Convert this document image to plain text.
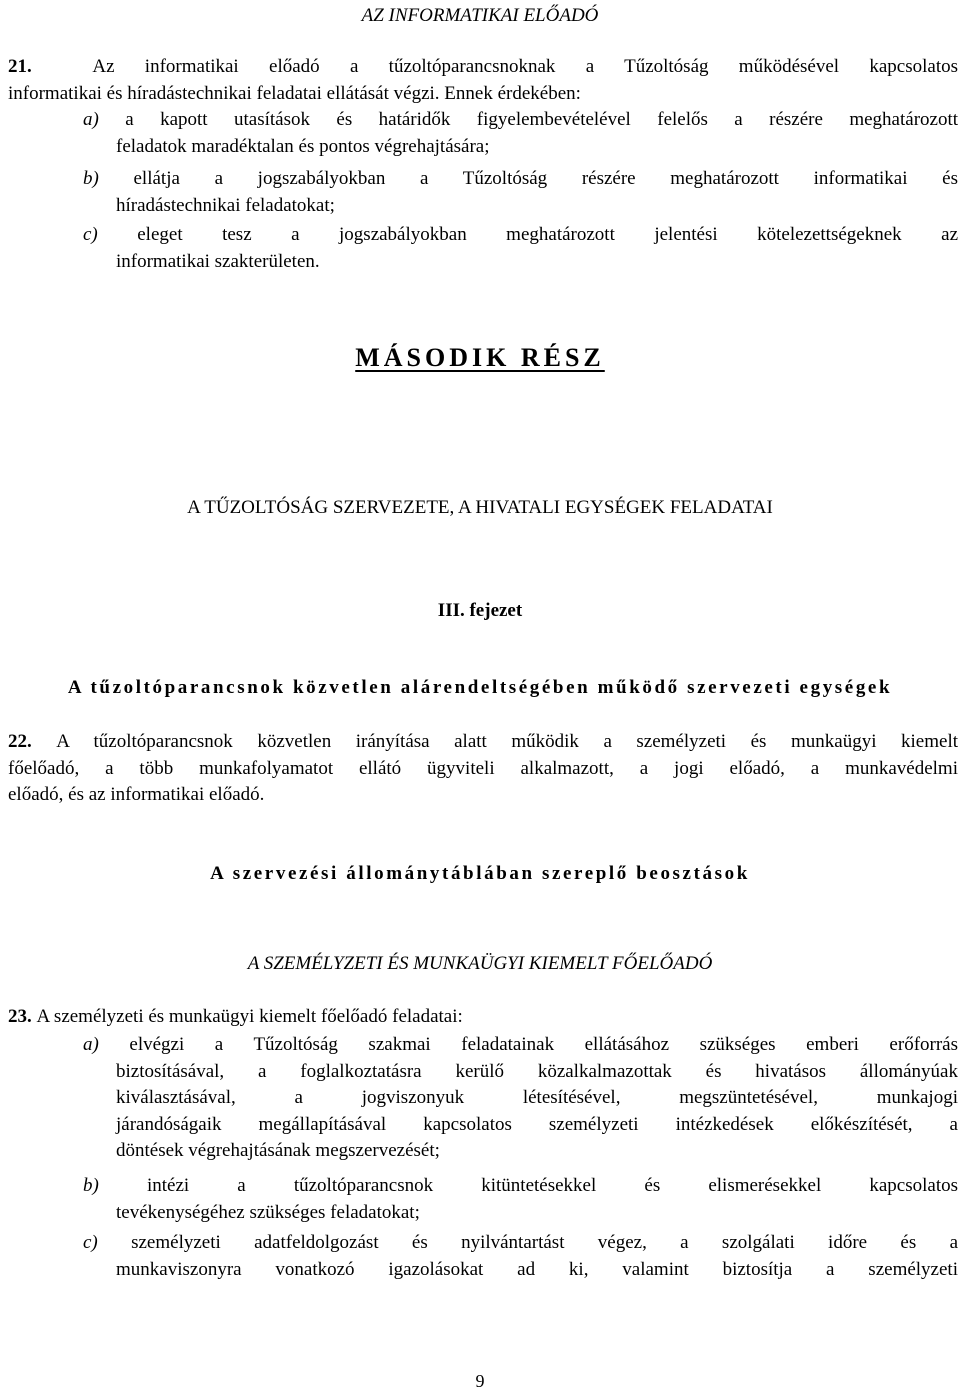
AZ INFORMATIKAI ELŐADÓ
21.	Az informatikai előadó a tűzoltóparancsnoknak a Tűzoltóság működésével kapcsolatos
informatikai és híradástechnikai feladatai ellátását végzi. Ennek érdekében:
a) a kapott utasítások és határidők figyelembevételével felelős a részére meghatározott
feladatok maradéktalan és pontos végrehajtására;
b) ellátja a jogszabályokban a Tűzoltóság részére meghatározott informatikai és
híradástechnikai feladatokat;
c) eleget tesz a jogszabályokban meghatározott jelentési kötelezettségeknek az
informatikai szakterületen.
MÁSODIK RÉSZ
A TŰZOLTÓSÁG SZERVEZETE, A HIVATALI EGYSÉGEK FELADATAI
III. fejezet
A tűzoltóparancsnok közvetlen alárendeltségében működő szervezeti egységek
22. A tűzoltóparancsnok közvetlen irányítása alatt működik a személyzeti és munkaügyi kiemelt
főelőadó, a több munkafolyamatot ellátó ügyviteli alkalmazott, a jogi előadó, a munkavédelmi
előadó, és az informatikai előadó.
A szervezési állománytáblában szereplő beosztások
A SZEMÉLYZETI ÉS MUNKAÜGYI KIEMELT FŐELŐADÓ
23. A személyzeti és munkaügyi kiemelt főelőadó feladatai:
a) elvégzi a Tűzoltóság szakmai feladatainak ellátásához szükséges emberi erőforrás
biztosításával, a foglalkoztatásra kerülő közalkalmazottak és hivatásos állományúak
kiválasztásával, a jogviszonyuk létesítésével, megszüntetésével, munkajogi
járandóságaik megállapításával kapcsolatos személyzeti intézkedések előkészítését, a
döntések végrehajtásának megszervezését;
b)	intézi a tűzoltóparancsnok kitüntetésekkel és elismerésekkel kapcsolatos
tevékenységéhez szükséges feladatokat;
c) személyzeti adatfeldolgozást és nyilvántartást végez, a szolgálati időre és a
munkaviszonyra vonatkozó igazolásokat ad ki, valamint biztosítja a személyzeti
9
